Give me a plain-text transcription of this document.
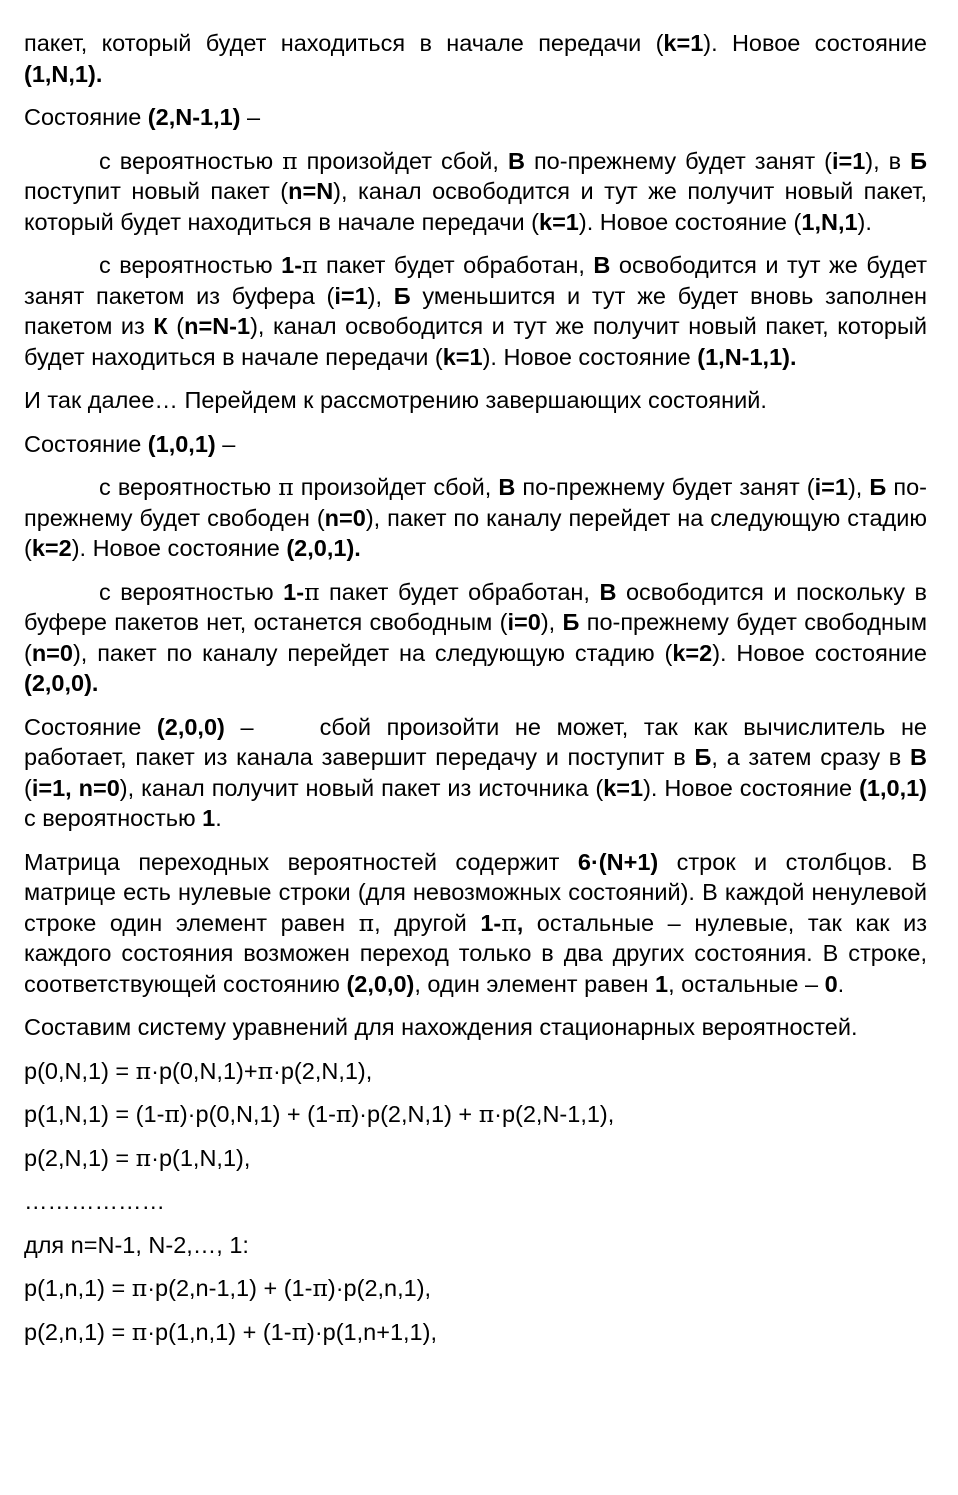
пакет, который будет находиться в начале передачи (k=1). Новое состояние (1,N,1).
Состояние (2,N-1,1) –
с вероятностью π произойдет сбой, В по-прежнему будет занят (i=1), в Б поступит новый пакет (n=N), канал освободится и тут же получит новый пакет, который будет находиться в начале передачи (k=1). Новое состояние (1,N,1).
с вероятностью 1-π пакет будет обработан, В освободится и тут же будет занят пакетом из буфера (i=1), Б уменьшится и тут же будет вновь заполнен пакетом из К (n=N-1), канал освободится и тут же получит новый пакет, который будет находиться в начале передачи (k=1). Новое состояние (1,N-1,1).
И так далее… Перейдем к рассмотрению завершающих состояний.
Состояние (1,0,1) –
с вероятностью π произойдет сбой, В по-прежнему будет занят (i=1), Б по-прежнему будет свободен (n=0), пакет по каналу перейдет на следующую стадию (k=2). Новое состояние (2,0,1).
с вероятностью 1-π пакет будет обработан, В освободится и поскольку в буфере пакетов нет, останется свободным (i=0), Б по-прежнему будет свободным (n=0), пакет по каналу перейдет на следующую стадию (k=2). Новое состояние (2,0,0).
Состояние (2,0,0) –	сбой произойти не может, так как вычислитель не работает, пакет из канала завершит передачу и поступит в Б, а затем сразу в В (i=1, n=0), канал получит новый пакет из источника (k=1). Новое состояние (1,0,1) с вероятностью 1.
Матрица переходных вероятностей содержит 6·(N+1) строк и столбцов. В матрице есть нулевые строки (для невозможных состояний). В каждой ненулевой строке один элемент равен π, другой 1-π, остальные – нулевые, так как из каждого состояния возможен переход только в два других состояния. В строке, соответствующей состоянию (2,0,0), один элемент равен 1, остальные – 0.
Составим систему уравнений для нахождения стационарных вероятностей.
p(0,N,1) = π·p(0,N,1)+π·p(2,N,1),
p(1,N,1) = (1-π)·p(0,N,1) + (1-π)·p(2,N,1) + π·p(2,N-1,1),
p(2,N,1) = π·p(1,N,1),
………………
для n=N-1, N-2,…, 1:
p(1,n,1) = π·p(2,n-1,1) + (1-π)·p(2,n,1),
p(2,n,1) = π·p(1,n,1) + (1-π)·p(1,n+1,1),
